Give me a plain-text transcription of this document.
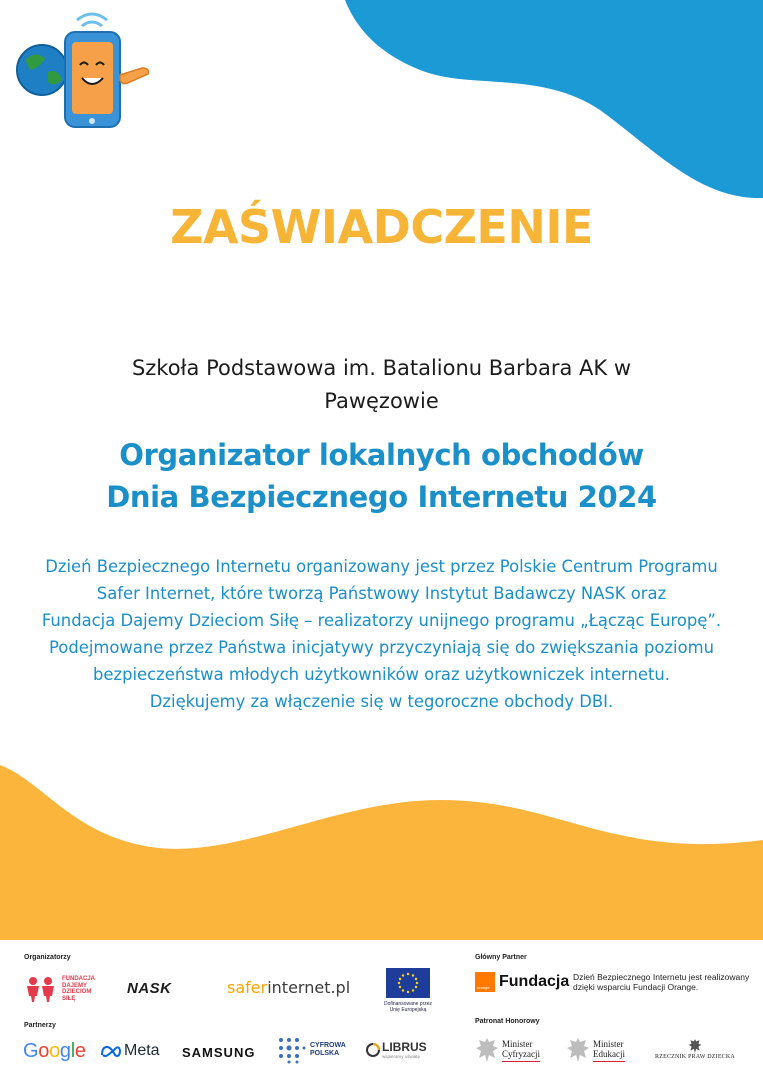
ZAŚWIADCZENIE
Szkoła Podstawowa im. Batalionu Barbara AK w
Pawęzowie
Organizator lokalnych obchodów
Dnia Bezpiecznego Internetu 2024
Dzień Bezpiecznego Internetu organizowany jest przez Polskie Centrum Programu
Safer Internet, które tworzą Państwowy Instytut Badawczy NASK oraz
Fundacja Dajemy Dzieciom Siłę – realizatorzy unijnego programu „Łącząc Europę”.
Podejmowane przez Państwa inicjatywy przyczyniają się do zwiększania poziomu
bezpieczeństwa młodych użytkowników oraz użytkowniczek internetu.
Dziękujemy za włączenie się w tegoroczne obchody DBI.
Organizatorzy
FUNDACJA
DAJEMY
DZIECIOM
SIŁĘ
NASK	safer internet.pl
Dofinansowane przez
Unię Europejską
Główny Partner
orange Fundacja Dzień Bezpiecznego Internetu jest realizowany
dzięki wsparciu Fundacji Orange.
Partnerzy
G o o g l e Meta SAMSUNG	CYFROWA
POLSKA	LIBRUS
wspieramy oświatę
Patronat Honorowy
Minister
Cyfryzacji
Minister
Edukacji	RZECZNIK PRAW DZIECKA
